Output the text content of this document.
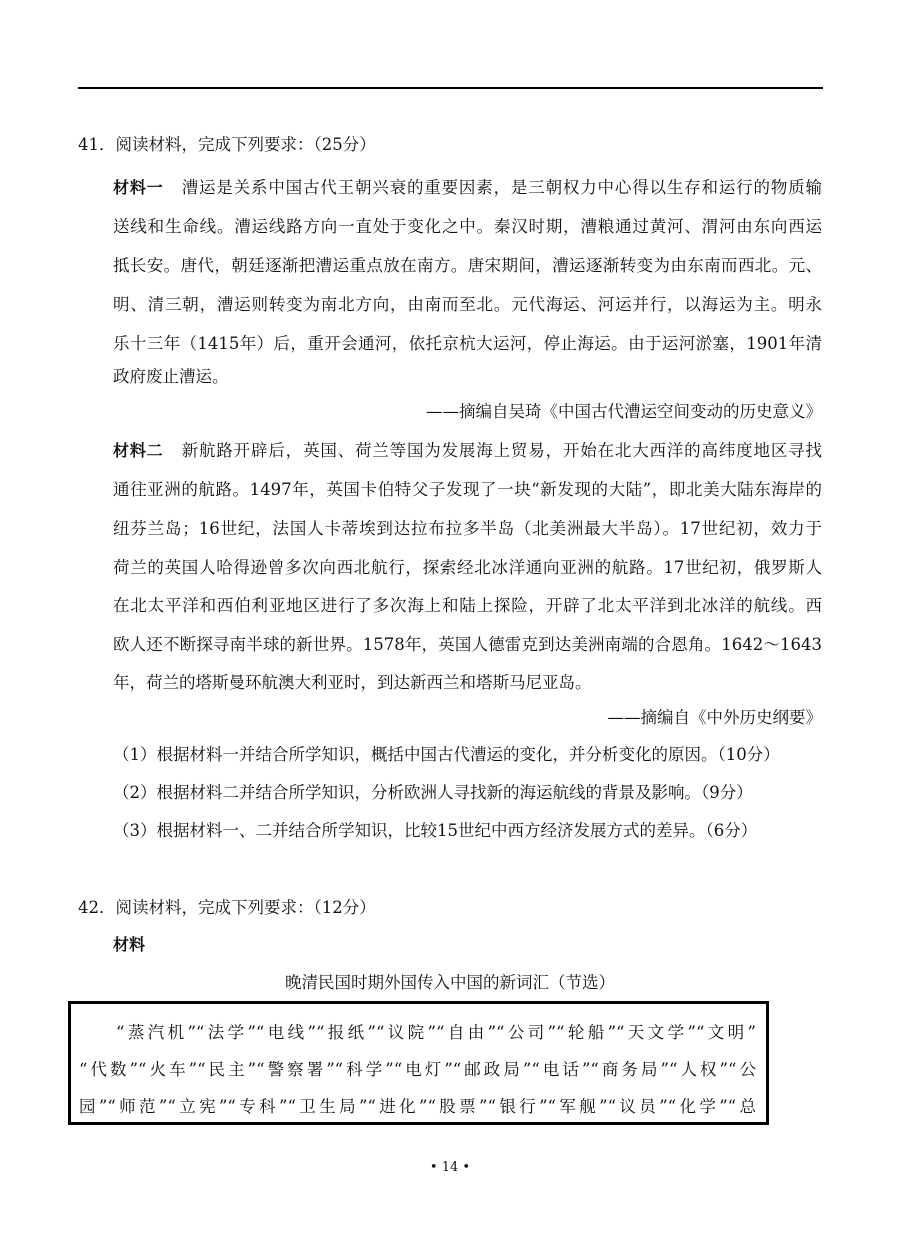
41．阅读材料，完成下列要求：（25分）
材料一 漕运是关系中国古代王朝兴衰的重要因素，是三朝权力中心得以生存和运行的物质输
送线和生命线。漕运线路方向一直处于变化之中。秦汉时期，漕粮通过黄河、渭河由东向西运
抵长安。唐代，朝廷逐渐把漕运重点放在南方。唐宋期间，漕运逐渐转变为由东南而西北。元、
明、清三朝，漕运则转变为南北方向，由南而至北。元代海运、河运并行，以海运为主。明永
乐十三年（1415年）后，重开会通河，依托京杭大运河，停止海运。由于运河淤塞，1901年清
政府废止漕运。
——摘编自吴琦《中国古代漕运空间变动的历史意义》
材料二 新航路开辟后，英国、荷兰等国为发展海上贸易，开始在北大西洋的高纬度地区寻找
通往亚洲的航路。1497年，英国卡伯特父子发现了一块“新发现的大陆”，即北美大陆东海岸的
纽芬兰岛；16世纪，法国人卡蒂埃到达拉布拉多半岛（北美洲最大半岛）。17世纪初，效力于
荷兰的英国人哈得逊曾多次向西北航行，探索经北冰洋通向亚洲的航路。17世纪初，俄罗斯人
在北太平洋和西伯利亚地区进行了多次海上和陆上探险，开辟了北太平洋到北冰洋的航线。西
欧人还不断探寻南半球的新世界。1578年，英国人德雷克到达美洲南端的合恩角。1642～1643
年，荷兰的塔斯曼环航澳大利亚时，到达新西兰和塔斯马尼亚岛。
——摘编自《中外历史纲要》
（1）根据材料一并结合所学知识，概括中国古代漕运的变化，并分析变化的原因。（10分）
（2）根据材料二并结合所学知识，分析欧洲人寻找新的海运航线的背景及影响。（9分）
（3）根据材料一、二并结合所学知识，比较15世纪中西方经济发展方式的差异。（6分）
42．阅读材料，完成下列要求：（12分）
材料
晚清民国时期外国传入中国的新词汇（节选）
“蒸汽机”“法学”“电线”“报纸”“议院”“自由”“公司”“轮船”“天文学”“文明”
“代数”“火车”“民主”“警察署”“科学”“电灯”“邮政局”“电话”“商务局”“人权”“公
园”“师范”“立宪”“专科”“卫生局”“进化”“股票”“银行”“军舰”“议员”“化学”“总
• 14 •
